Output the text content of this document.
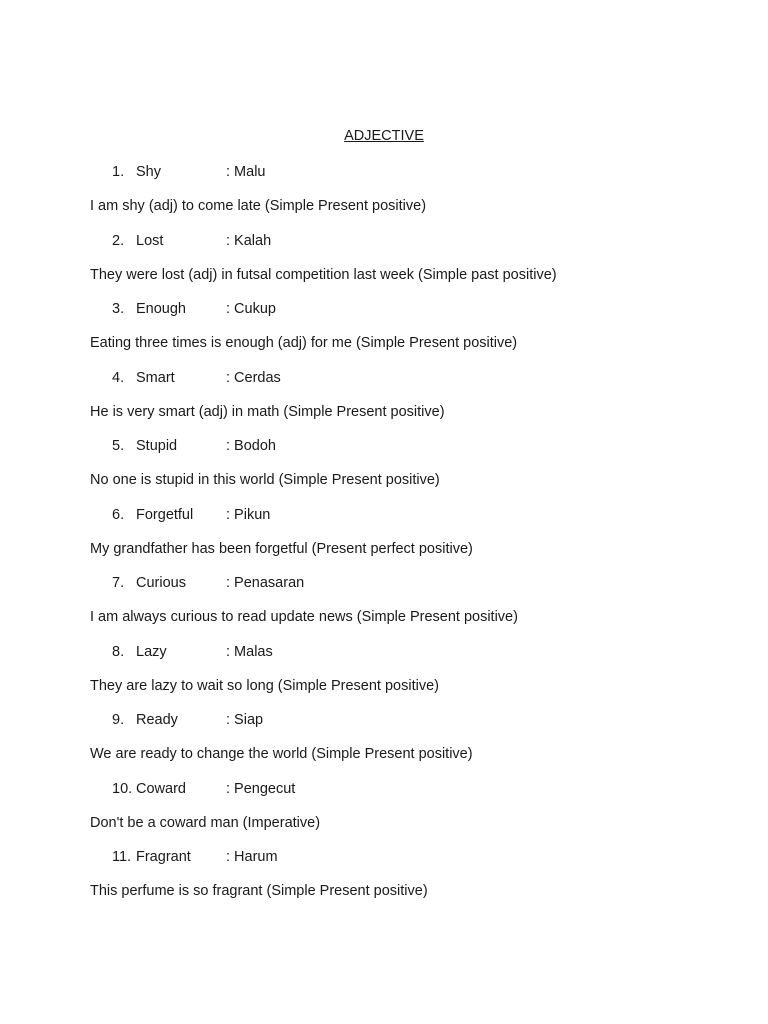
ADJECTIVE
1. Shy	: Malu
I am shy (adj) to come late (Simple Present positive)
2. Lost	: Kalah
They were lost (adj) in futsal competition last week (Simple past positive)
3. Enough	: Cukup
Eating three times is enough (adj) for me (Simple Present positive)
4. Smart	: Cerdas
He is very smart (adj) in math (Simple Present positive)
5. Stupid	: Bodoh
No one is stupid in this world (Simple Present positive)
6. Forgetful : Pikun
My grandfather has been forgetful (Present perfect positive)
7. Curious	: Penasaran
I am always curious to read update news (Simple Present positive)
8. Lazy	: Malas
They are lazy to wait so long (Simple Present positive)
9. Ready	: Siap
We are ready to change the world (Simple Present positive)
10. Coward	: Pengecut
Don't be a coward man (Imperative)
11. Fragrant : Harum
This perfume is so fragrant (Simple Present positive)
